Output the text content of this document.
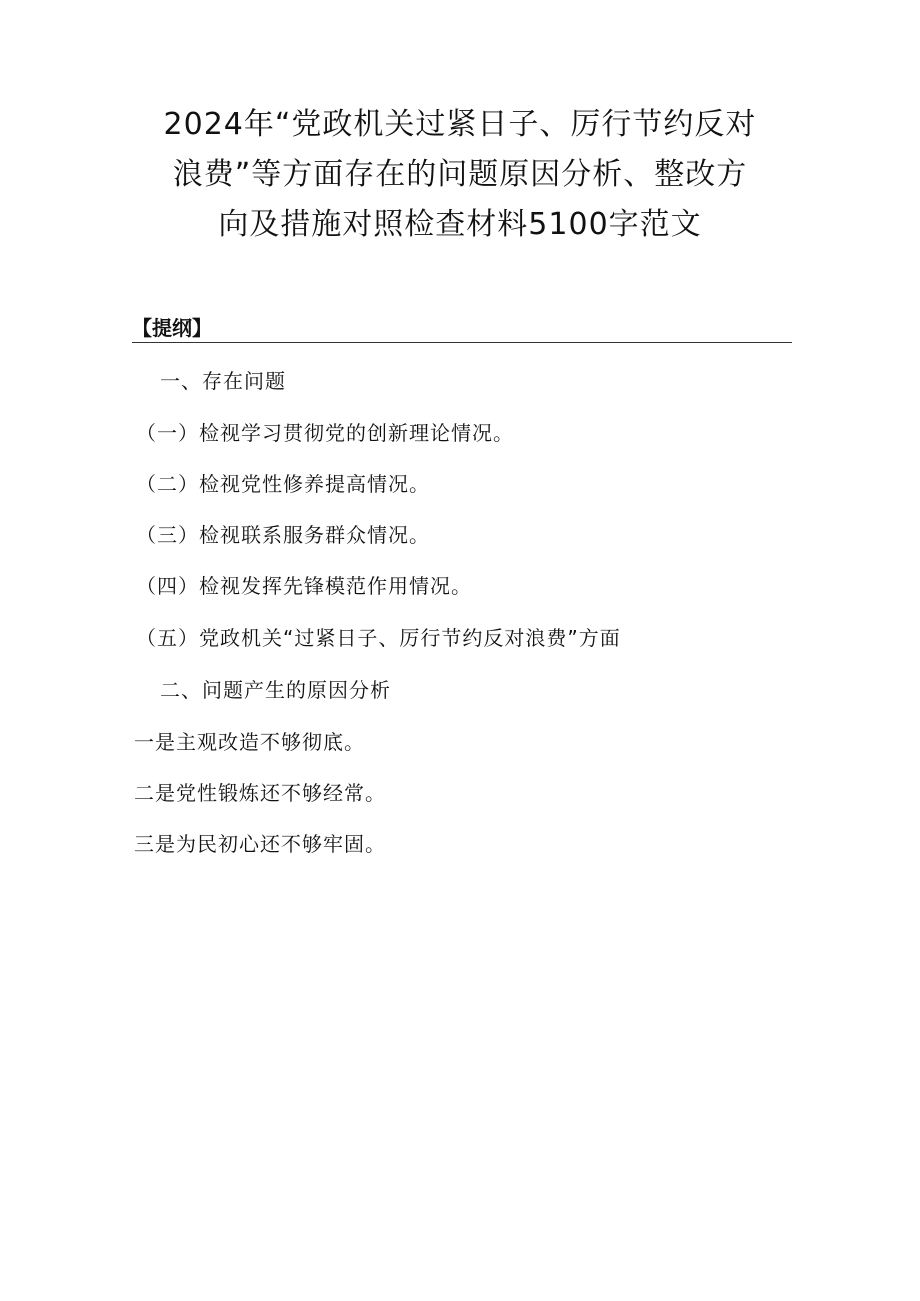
2024年“党政机关过紧日子、厉行节约反对
浪费”等方面存在的问题原因分析、整改方
向及措施对照检查材料5100字范文

【提纲】

一、存在问题

（一）检视学习贯彻党的创新理论情况。

（二）检视党性修养提高情况。

（三）检视联系服务群众情况。

（四）检视发挥先锋模范作用情况。

（五）党政机关“过紧日子、厉行节约反对浪费”方面

二、问题产生的原因分析

一是主观改造不够彻底。

二是党性锻炼还不够经常。

三是为民初心还不够牢固。
